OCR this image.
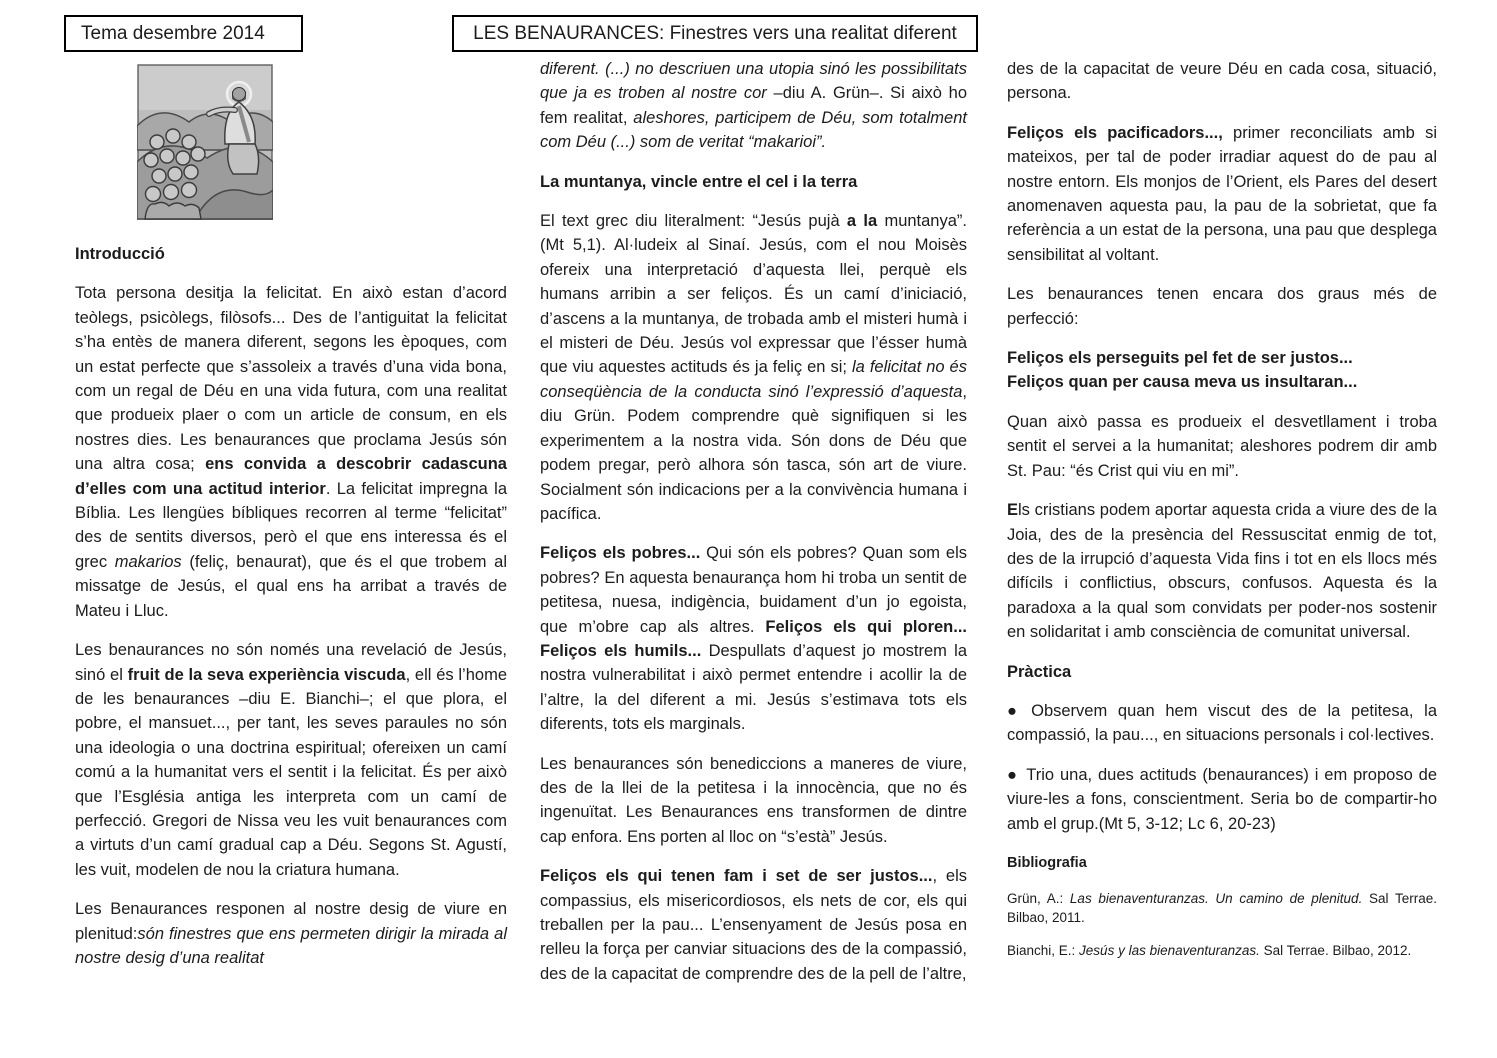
Tema desembre 2014	LES BENAURANCES: Finestres vers una realitat diferent

Introducció

Tota persona desitja la felicitat. En això estan d’acord teòlegs, psicòlegs, filòsofs... Des de l’antiguitat la felicitat s’ha entès de manera diferent, segons les èpoques, com un estat perfecte que s’assoleix a través d’una vida bona, com un regal de Déu en una vida futura, com una realitat que produeix plaer o com un article de consum, en els nostres dies. Les benaurances que proclama Jesús són una altra cosa; ens convida a descobrir cadascuna d’elles com una actitud interior. La felicitat impregna la Bíblia. Les llengües bíbliques recorren al terme “felicitat” des de sentits diversos, però el que ens interessa és el grec makarios (feliç, benaurat), que és el que trobem al missatge de Jesús, el qual ens ha arribat a través de Mateu i Lluc.

Les benaurances no són només una revelació de Jesús, sinó el fruit de la seva experiència viscuda, ell és l’home de les benaurances –diu E. Bianchi–; el que plora, el pobre, el mansuet..., per tant, les seves paraules no són una ideologia o una doctrina espiritual; ofereixen un camí comú a la humanitat vers el sentit i la felicitat. És per això que l’Església antiga les interpreta com un camí de perfecció. Gregori de Nissa veu les vuit benaurances com a virtuts d’un camí gradual cap a Déu. Segons St. Agustí, les vuit, modelen de nou la criatura humana.

Les Benaurances responen al nostre desig de viure en plenitud:són finestres que ens permeten dirigir la mirada al nostre desig d’una realitat

diferent. (...) no descriuen una utopia sinó les possibilitats que ja es troben al nostre cor –diu A. Grün–. Si això ho fem realitat, aleshores, participem de Déu, som totalment com Déu (...) som de veritat “makarioi”.

La muntanya, vincle entre el cel i la terra

El text grec diu literalment: “Jesús pujà a la muntanya”. (Mt 5,1). Al·ludeix al Sinaí. Jesús, com el nou Moisès ofereix una interpretació d’aquesta llei, perquè els humans arribin a ser feliços. És un camí d’iniciació, d’ascens a la muntanya, de trobada amb el misteri humà i el misteri de Déu. Jesús vol expressar que l’ésser humà que viu aquestes actituds és ja feliç en si; la felicitat no és conseqüència de la conducta sinó l’expressió d’aquesta, diu Grün. Podem comprendre què signifiquen si les experimentem a la nostra vida. Són dons de Déu que podem pregar, però alhora són tasca, són art de viure. Socialment són indicacions per a la convivència humana i pacífica.

Feliços els pobres... Qui són els pobres? Quan som els pobres? En aquesta benaurança hom hi troba un sentit de petitesa, nuesa, indigència, buidament d’un jo egoista, que m’obre cap als altres. Feliços els qui ploren... Feliços els humils... Despullats d’aquest jo mostrem la nostra vulnerabilitat i això permet entendre i acollir la de l’altre, la del diferent a mi. Jesús s’estimava tots els diferents, tots els marginals.

Les benaurances són benediccions a maneres de viure, des de la llei de la petitesa i la innocència, que no és ingenuïtat. Les Benaurances ens transformen de dintre cap enfora. Ens porten al lloc on “s’està” Jesús.

Feliços els qui tenen fam i set de ser justos..., els compassius, els misericordiosos, els nets de cor, els qui treballen per la pau... L’ensenyament de Jesús posa en relleu la força per canviar situacions des de la compassió, des de la capacitat de comprendre des de la pell de l’altre,

des de la capacitat de veure Déu en cada cosa, situació, persona.

Feliços els pacificadors..., primer reconciliats amb si mateixos, per tal de poder irradiar aquest do de pau al nostre entorn. Els monjos de l’Orient, els Pares del desert anomenaven aquesta pau, la pau de la sobrietat, que fa referència a un estat de la persona, una pau que desplega sensibilitat al voltant.

Les benaurances tenen encara dos graus més de perfecció:

Feliços els perseguits pel fet de ser justos...
Feliços quan per causa meva us insultaran...

Quan això passa es produeix el desvetllament i troba sentit el servei a la humanitat; aleshores podrem dir amb St. Pau: “és Crist qui viu en mi”.

Els cristians podem aportar aquesta crida a viure des de la Joia, des de la presència del Ressuscitat enmig de tot, des de la irrupció d’aquesta Vida fins i tot en els llocs més difícils i conflictius, obscurs, confusos. Aquesta és la paradoxa a la qual som convidats per poder-nos sostenir en solidaritat i amb consciència de comunitat universal.

Pràctica

● Observem quan hem viscut des de la petitesa, la compassió, la pau..., en situacions personals i col·lectives.

● Trio una, dues actituds (benaurances) i em proposo de viure-les a fons, conscientment. Seria bo de compartir-ho amb el grup.(Mt 5, 3-12; Lc 6, 20-23)

Bibliografia

Grün, A.: Las bienaventuranzas. Un camino de plenitud. Sal Terrae. Bilbao, 2011.

Bianchi, E.: Jesús y las bienaventuranzas. Sal Terrae. Bilbao, 2012.
